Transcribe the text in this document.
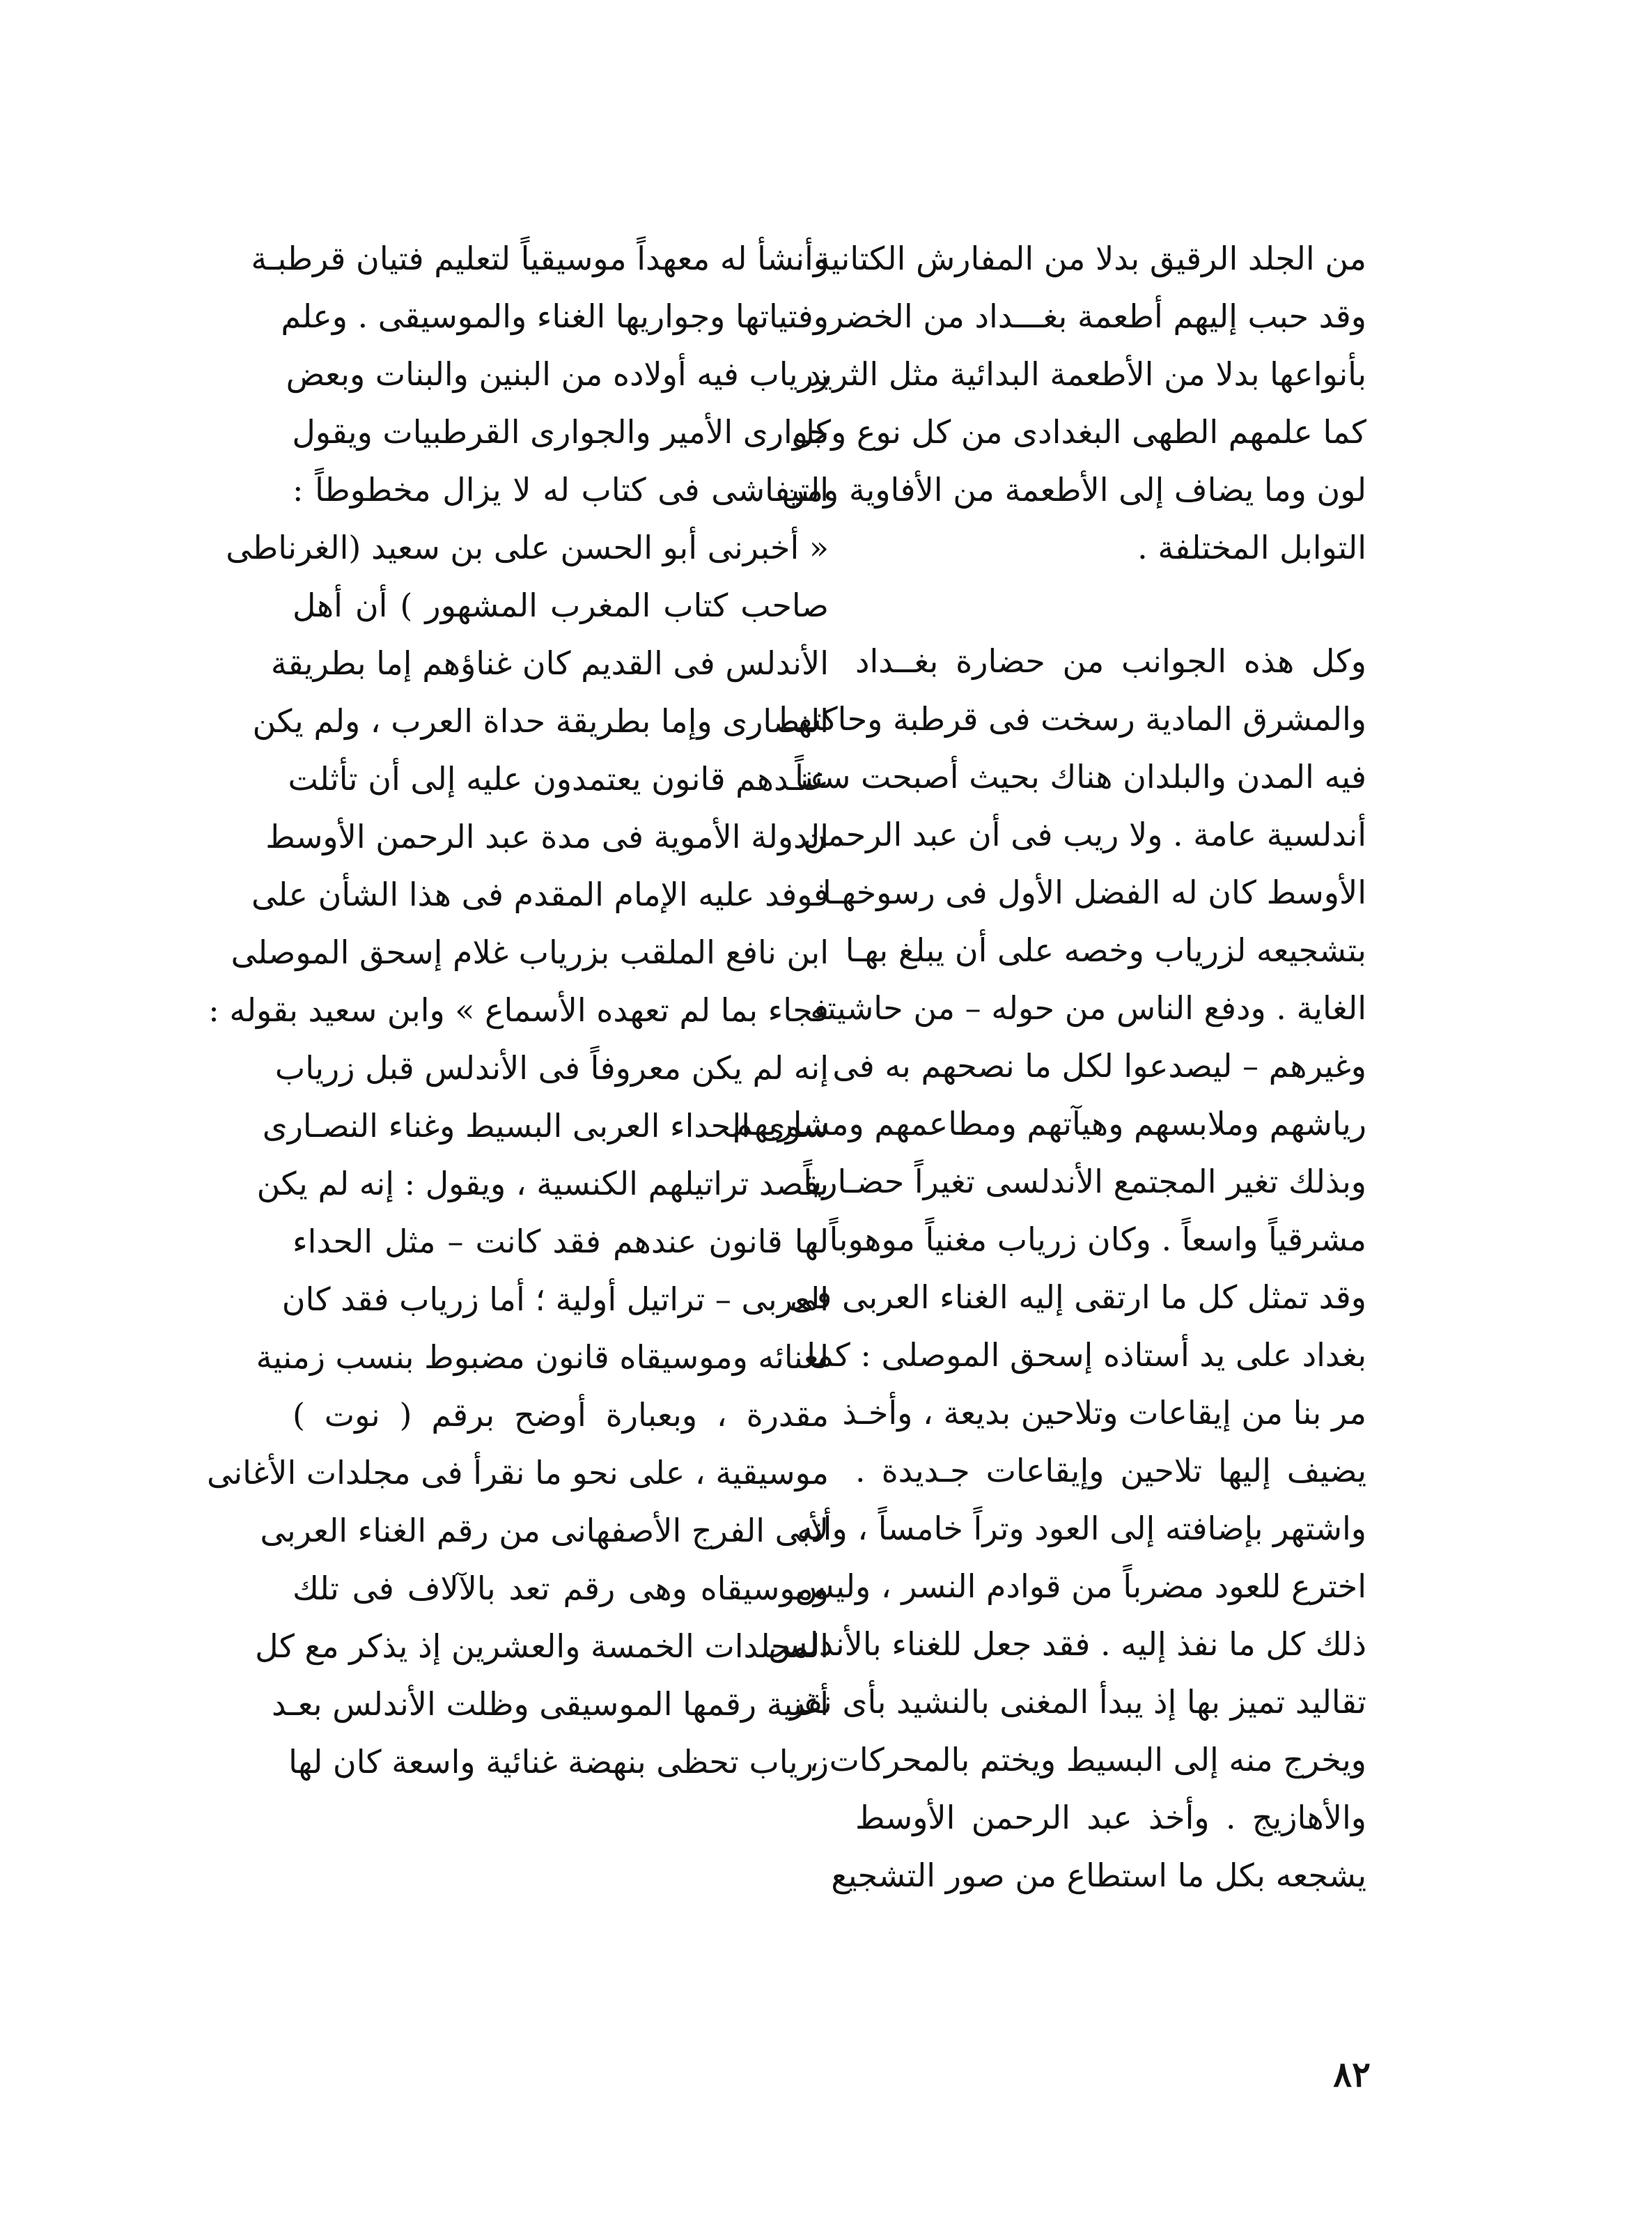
من الجلد الرقيق بدلا من المفارش الكتانية .
وقد حبب إليهم أطعمة بغـــداد من الخضر
بأنواعها بدلا من الأطعمة البدائية مثل الثريد
كما علمهم الطهى البغدادى من كل نوع وكل
لون وما يضاف إلى الأطعمة من الأفاوية ومن
التوابل المختلفة .
وكل هذه الجوانب من حضارة بغــداد
والمشرق المادية رسخت فى قرطبة وحاكتهـا
فيه المدن والبلدان هناك بحيث أصبحت سنناً
أندلسية عامة . ولا ريب فى أن عبد الرحمن
الأوسط كان له الفضل الأول فى رسوخهـا
بتشجيعه لزرياب وخصه على أن يبلغ بهـا
الغاية . ودفع الناس من حوله – من حاشيته
وغيرهم – ليصدعوا لكل ما نصحهم به فى
رياشهم وملابسهم وهيآتهم ومطاعمهم ومشاربهم
وبذلك تغير المجتمع الأندلسى تغيراً حضـارياً
مشرقياً واسعاً . وكان زرياب مغنياً موهوباً ،
وقد تمثل كل ما ارتقى إليه الغناء العربى فى
بغداد على يد أستاذه إسحق الموصلى : كما
مر بنا من إيقاعات وتلاحين بديعة ، وأخـذ
يضيف إليها تلاحين وإيقاعات جـديدة .
واشتهر بإضافته إلى العود وتراً خامساً ، وأنه
اخترع للعود مضرباً من قوادم النسر ، وليس
ذلك كل ما نفذ إليه . فقد جعل للغناء بالأندلس
تقاليد تميز بها إذ يبدأ المغنى بالنشيد بأى نقر
ويخرج منه إلى البسيط ويختم بالمحركات ،
والأهازيج . وأخذ عبد الرحمن الأوسط
يشجعه بكل ما استطاع من صور التشجيع
وأنشأ له معهداً موسيقياً لتعليم فتيان قرطبـة
وفتياتها وجواريها الغناء والموسيقى . وعلم
زرياب فيه أولاده من البنين والبنات وبعض
جوارى الأمير والجوارى القرطبيات ويقول
التيفاشى فى كتاب له لا يزال مخطوطاً :
« أخبرنى أبو الحسن على بن سعيد (الغرناطى
صاحب كتاب المغرب المشهور ) أن أهل
الأندلس فى القديم كان غناؤهم إما بطريقة
النصارى وإما بطريقة حداة العرب ، ولم يكن
عنـدهم قانون يعتمدون عليه إلى أن تأثلت
الدولة الأموية فى مدة عبد الرحمن الأوسط
فوفد عليه الإمام المقدم فى هذا الشأن على
ابن نافع الملقب بزرياب غلام إسحق الموصلى
فجاء بما لم تعهده الأسماع » وابن سعيد بقوله :
إنه لم يكن معروفاً فى الأندلس قبل زرياب
سوى الحداء العربى البسيط وغناء النصـارى
يقصد تراتيلهم الكنسية ، ويقول : إنه لم يكن
لها قانون عندهم فقد كانت – مثل الحداء
العربى – تراتيل أولية ؛ أما زرياب فقد كان
لغنائه وموسيقاه قانون مضبوط بنسب زمنية
مقدرة ، وبعبارة أوضح برقم ( نوت )
موسيقية ، على نحو ما نقرأ فى مجلدات الأغانى
لأبى الفرج الأصفهانى من رقم الغناء العربى
وموسيقاه وهى رقم تعد بالآلاف فى تلك
المجلدات الخمسة والعشرين إذ يذكر مع كل
أغنية رقمها الموسيقى وظلت الأندلس بعـد
زرياب تحظى بنهضة غنائية واسعة كان لها
٨٢
